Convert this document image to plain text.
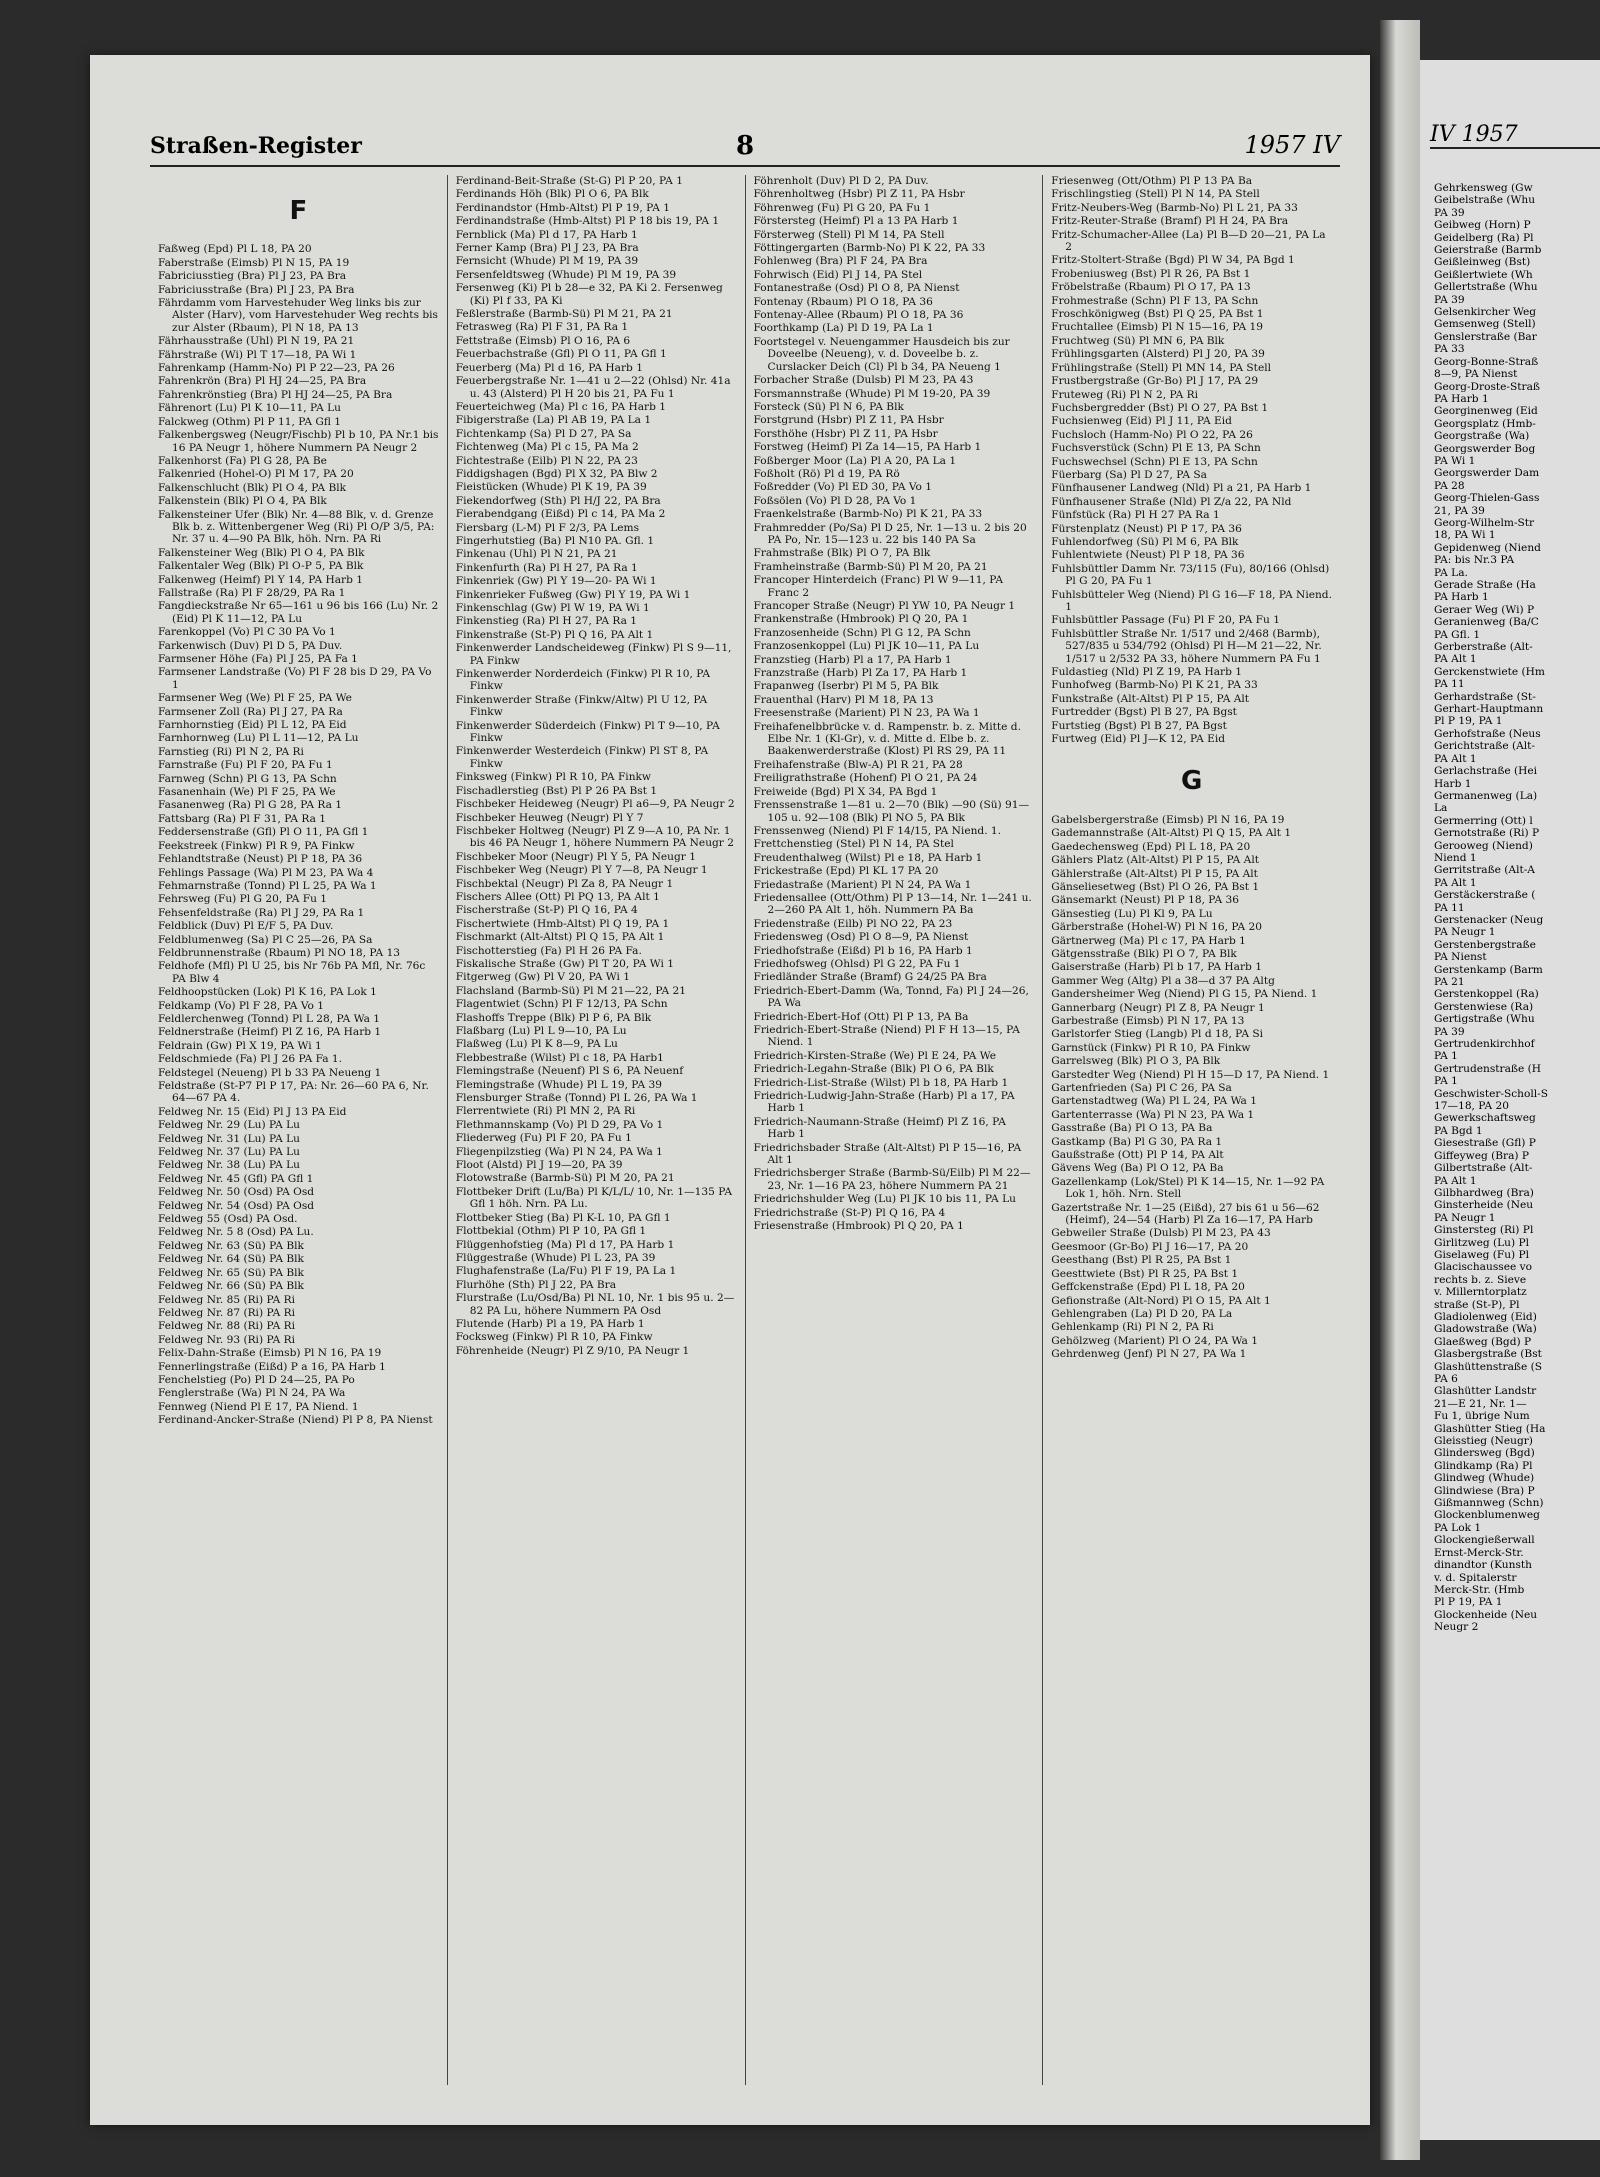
Straßen-Register	8	1957 IV
F
Faßweg (Epd) Pl L 18, PA 20
Faberstraße (Eimsb) Pl N 15, PA 19
Fabriciusstieg (Bra) Pl J 23, PA Bra
Fabriciusstraße (Bra) Pl J 23, PA Bra
Fährdamm vom Harvestehuder Weg links bis zur Alster (Harv), vom Harvestehuder Weg rechts bis zur Alster (Rbaum), Pl N 18, PA 13
Fährhausstraße (Uhl) Pl N 19, PA 21
Fährstraße (Wi) Pl T 17—18, PA Wi 1
Fahrenkamp (Hamm-No) Pl P 22—23, PA 26
Fahrenkrön (Bra) Pl HJ 24—25, PA Bra
Fahrenkrönstieg (Bra) Pl HJ 24—25, PA Bra
Fährenort (Lu) Pl K 10—11, PA Lu
Falckweg (Othm) Pl P 11, PA Gfl 1
Falkenbergsweg (Neugr/Fischb) Pl b 10, PA Nr.1 bis 16 PA Neugr 1, höhere Nummern PA Neugr 2
Falkenhorst (Fa) Pl G 28, PA Be
Falkenried (Hohel-O) Pl M 17, PA 20
Falkenschlucht (Blk) Pl O 4, PA Blk
Falkenstein (Blk) Pl O 4, PA Blk
Falkensteiner Ufer (Blk) Nr. 4—88 Blk, v. d. Grenze Blk b. z. Wittenbergener Weg (Ri) Pl O/P 3/5, PA: Nr. 37 u. 4—90 PA Blk, höh. Nrn. PA Ri
Falkensteiner Weg (Blk) Pl O 4, PA Blk
Falkentaler Weg (Blk) Pl O-P 5, PA Blk
Falkenweg (Heimf) Pl Y 14, PA Harb 1
Fallstraße (Ra) Pl F 28/29, PA Ra 1
Fangdieckstraße Nr 65—161 u 96 bis 166 (Lu) Nr. 2 (Eid) Pl K 11—12, PA Lu
Farenkoppel (Vo) Pl C 30 PA Vo 1
Farkenwisch (Duv) Pl D 5, PA Duv.
Farmsener Höhe (Fa) Pl J 25, PA Fa 1
Farmsener Landstraße (Vo) Pl F 28 bis D 29, PA Vo 1
Farmsener Weg (We) Pl F 25, PA We
Farmsener Zoll (Ra) Pl J 27, PA Ra
Farnhornstieg (Eid) Pl L 12, PA Eid
Farnhornweg (Lu) Pl L 11—12, PA Lu
Farnstieg (Ri) Pl N 2, PA Ri
Farnstraße (Fu) Pl F 20, PA Fu 1
Farnweg (Schn) Pl G 13, PA Schn
Fasanenhain (We) Pl F 25, PA We
Fasanenweg (Ra) Pl G 28, PA Ra 1
Fattsbarg (Ra) Pl F 31, PA Ra 1
Feddersenstraße (Gfl) Pl O 11, PA Gfl 1
Feekstreek (Finkw) Pl R 9, PA Finkw
Fehlandtstraße (Neust) Pl P 18, PA 36
Fehlings Passage (Wa) Pl M 23, PA Wa 4
Fehmarnstraße (Tonnd) Pl L 25, PA Wa 1
Fehrsweg (Fu) Pl G 20, PA Fu 1
Fehsenfeldstraße (Ra) Pl J 29, PA Ra 1
Feldblick (Duv) Pl E/F 5, PA Duv.
Feldblumenweg (Sa) Pl C 25—26, PA Sa
Feldbrunnenstraße (Rbaum) Pl NO 18, PA 13
Feldhofe (Mfl) Pl U 25, bis Nr 76b PA Mfl, Nr. 76c PA Blw 4
Feldhoopstücken (Lok) Pl K 16, PA Lok 1
Feldkamp (Vo) Pl F 28, PA Vo 1
Feldlerchenweg (Tonnd) Pl L 28, PA Wa 1
Feldnerstraße (Heimf) Pl Z 16, PA Harb 1
Feldrain (Gw) Pl X 19, PA Wi 1
Feldschmiede (Fa) Pl J 26 PA Fa 1.
Feldstegel (Neueng) Pl b 33 PA Neueng 1
Feldstraße (St-P7 Pl P 17, PA: Nr. 26—60 PA 6, Nr. 64—67 PA 4.
Feldweg Nr. 15 (Eid) Pl J 13 PA Eid
Feldweg Nr. 29 (Lu) PA Lu
Feldweg Nr. 31 (Lu) PA Lu
Feldweg Nr. 37 (Lu) PA Lu
Feldweg Nr. 38 (Lu) PA Lu
Feldweg Nr. 45 (Gfl) PA Gfl 1
Feldweg Nr. 50 (Osd) PA Osd
Feldweg Nr. 54 (Osd) PA Osd
Feldweg 55 (Osd) PA Osd.
Feldweg Nr. 5 8 (Osd) PA Lu.
Feldweg Nr. 63 (Sü) PA Blk
Feldweg Nr. 64 (Sü) PA Blk
Feldweg Nr. 65 (Sü) PA Blk
Feldweg Nr. 66 (Sü) PA Blk
Feldweg Nr. 85 (Ri) PA Ri
Feldweg Nr. 87 (Ri) PA Ri
Feldweg Nr. 88 (Ri) PA Ri
Feldweg Nr. 93 (Ri) PA Ri
Felix-Dahn-Straße (Eimsb) Pl N 16, PA 19
Fennerlingstraße (Eißd) P a 16, PA Harb 1
Fenchelstieg (Po) Pl D 24—25, PA Po
Fenglerstraße (Wa) Pl N 24, PA Wa
Fennweg (Niend Pl E 17, PA Niend. 1
Ferdinand-Ancker-Straße (Niend) Pl P 8, PA Nienst
Ferdinand-Beit-Straße (St-G) Pl P 20, PA 1
Ferdinands Höh (Blk) Pl O 6, PA Blk
Ferdinandstor (Hmb-Altst) Pl P 19, PA 1
Ferdinandstraße (Hmb-Altst) Pl P 18 bis 19, PA 1
Fernblick (Ma) Pl d 17, PA Harb 1
Ferner Kamp (Bra) Pl J 23, PA Bra
Fernsicht (Whude) Pl M 19, PA 39
Fersenfeldtsweg (Whude) Pl M 19, PA 39
Fersenweg (Ki) Pl b 28—e 32, PA Ki 2. Fersenweg (Ki) Pl f 33, PA Ki
Feßlerstraße (Barmb-Sü) Pl M 21, PA 21
Fetrasweg (Ra) Pl F 31, PA Ra 1
Fettstraße (Eimsb) Pl O 16, PA 6
Feuerbachstraße (Gfl) Pl O 11, PA Gfl 1
Feuerberg (Ma) Pl d 16, PA Harb 1
Feuerbergstraße Nr. 1—41 u 2—22 (Ohlsd) Nr. 41a u. 43 (Alsterd) Pl H 20 bis 21, PA Fu 1
Feuerteichweg (Ma) Pl c 16, PA Harb 1
Fibigerstraße (La) Pl AB 19, PA La 1
Fichtenkamp (Sa) Pl D 27, PA Sa
Fichtenweg (Ma) Pl c 15, PA Ma 2
Fichtestraße (Eilb) Pl N 22, PA 23
Fiddigshagen (Bgd) Pl X 32, PA Blw 2
Fieistücken (Whude) Pl K 19, PA 39
Fiekendorfweg (Sth) Pl H/J 22, PA Bra
Fierabendgang (Eißd) Pl c 14, PA Ma 2
Fiersbarg (L-M) Pl F 2/3, PA Lems
Fingerhutstieg (Ba) Pl N10 PA. Gfl. 1
Finkenau (Uhl) Pl N 21, PA 21
Finkenfurth (Ra) Pl H 27, PA Ra 1
Finkenriek (Gw) Pl Y 19—20- PA Wi 1
Finkenrieker Fußweg (Gw) Pl Y 19, PA Wi 1
Finkenschlag (Gw) Pl W 19, PA Wi 1
Finkenstieg (Ra) Pl H 27, PA Ra 1
Finkenstraße (St-P) Pl Q 16, PA Alt 1
Finkenwerder Landscheideweg (Finkw) Pl S 9—11, PA Finkw
Finkenwerder Norderdeich (Finkw) Pl R 10, PA Finkw
Finkenwerder Straße (Finkw/Altw) Pl U 12, PA Finkw
Finkenwerder Süderdeich (Finkw) Pl T 9—10, PA Finkw
Finkenwerder Westerdeich (Finkw) Pl ST 8, PA Finkw
Finksweg (Finkw) Pl R 10, PA Finkw
Fischadlerstieg (Bst) Pl P 26 PA Bst 1
Fischbeker Heideweg (Neugr) Pl a6—9, PA Neugr 2
Fischbeker Heuweg (Neugr) Pl Y 7
Fischbeker Holtweg (Neugr) Pl Z 9—A 10, PA Nr. 1 bis 46 PA Neugr 1, höhere Nummern PA Neugr 2
Fischbeker Moor (Neugr) Pl Y 5, PA Neugr 1
Fischbeker Weg (Neugr) Pl Y 7—8, PA Neugr 1
Fischbektal (Neugr) Pl Za 8, PA Neugr 1
Fischers Allee (Ott) Pl PQ 13, PA Alt 1
Fischerstraße (St-P) Pl Q 16, PA 4
Fischertwiete (Hmb-Altst) Pl Q 19, PA 1
Fischmarkt (Alt-Altst) Pl Q 15, PA Alt 1
Fischotterstieg (Fa) Pl H 26 PA Fa.
Fiskalische Straße (Gw) Pl T 20, PA Wi 1
Fitgerweg (Gw) Pl V 20, PA Wi 1
Flachsland (Barmb-Sü) Pl M 21—22, PA 21
Flagentwiet (Schn) Pl F 12/13, PA Schn
Flashoffs Treppe (Blk) Pl P 6, PA Blk
Flaßbarg (Lu) Pl L 9—10, PA Lu
Flaßweg (Lu) Pl K 8—9, PA Lu
Flebbestraße (Wilst) Pl c 18, PA Harb1
Flemingstraße (Neuenf) Pl S 6, PA Neuenf
Flemingstraße (Whude) Pl L 19, PA 39
Flensburger Straße (Tonnd) Pl L 26, PA Wa 1
Flerrentwiete (Ri) Pl MN 2, PA Ri
Flethmannskamp (Vo) Pl D 29, PA Vo 1
Fliederweg (Fu) Pl F 20, PA Fu 1
Fliegenpilzstieg (Wa) Pl N 24, PA Wa 1
Floot (Alstd) Pl J 19—20, PA 39
Flotowstraße (Barmb-Sü) Pl M 20, PA 21
Flottbeker Drift (Lu/Ba) Pl K/L/L/ 10, Nr. 1—135 PA Gfl 1 höh. Nrn. PA Lu.
Flottbeker Stieg (Ba) Pl K-L 10, PA Gfl 1
Flottbekial (Othm) Pl P 10, PA Gfl 1
Flüggenhofstieg (Ma) Pl d 17, PA Harb 1
Flüggestraße (Whude) Pl L 23, PA 39
Flughafenstraße (La/Fu) Pl F 19, PA La 1
Flurhöhe (Sth) Pl J 22, PA Bra
Flurstraße (Lu/Osd/Ba) Pl NL 10, Nr. 1 bis 95 u. 2—82 PA Lu, höhere Nummern PA Osd
Flutende (Harb) Pl a 19, PA Harb 1
Focksweg (Finkw) Pl R 10, PA Finkw
Föhrenheide (Neugr) Pl Z 9/10, PA Neugr 1
Föhrenholt (Duv) Pl D 2, PA Duv.
Föhrenholtweg (Hsbr) Pl Z 11, PA Hsbr
Föhrenweg (Fu) Pl G 20, PA Fu 1
Förstersteg (Heimf) Pl a 13 PA Harb 1
Försterweg (Stell) Pl M 14, PA Stell
Föttingergarten (Barmb-No) Pl K 22, PA 33
Fohlenweg (Bra) Pl F 24, PA Bra
Fohrwisch (Eid) Pl J 14, PA Stel
Fontanestraße (Osd) Pl O 8, PA Nienst
Fontenay (Rbaum) Pl O 18, PA 36
Fontenay-Allee (Rbaum) Pl O 18, PA 36
Foorthkamp (La) Pl D 19, PA La 1
Foortstegel v. Neuengammer Hausdeich bis zur Doveelbe (Neueng), v. d. Doveelbe b. z. Curslacker Deich (Cl) Pl b 34, PA Neueng 1
Forbacher Straße (Dulsb) Pl M 23, PA 43
Forsmannstraße (Whude) Pl M 19-20, PA 39
Forsteck (Sü) Pl N 6, PA Blk
Forstgrund (Hsbr) Pl Z 11, PA Hsbr
Forsthöhe (Hsbr) Pl Z 11, PA Hsbr
Forstweg (Heimf) Pl Za 14—15, PA Harb 1
Foßberger Moor (La) Pl A 20, PA La 1
Foßholt (Rö) Pl d 19, PA Rö
Foßredder (Vo) Pl ED 30, PA Vo 1
Foßsölen (Vo) Pl D 28, PA Vo 1
Fraenkelstraße (Barmb-No) Pl K 21, PA 33
Frahmredder (Po/Sa) Pl D 25, Nr. 1—13 u. 2 bis 20 PA Po, Nr. 15—123 u. 22 bis 140 PA Sa
Frahmstraße (Blk) Pl O 7, PA Blk
Framheinstraße (Barmb-Sü) Pl M 20, PA 21
Francoper Hinterdeich (Franc) Pl W 9—11, PA Franc 2
Francoper Straße (Neugr) Pl YW 10, PA Neugr 1
Frankenstraße (Hmbrook) Pl Q 20, PA 1
Franzosenheide (Schn) Pl G 12, PA Schn
Franzosenkoppel (Lu) Pl JK 10—11, PA Lu
Franzstieg (Harb) Pl a 17, PA Harb 1
Franzstraße (Harb) Pl Za 17, PA Harb 1
Frapanweg (Iserbr) Pl M 5, PA Blk
Frauenthal (Harv) Pl M 18, PA 13
Freesenstraße (Marient) Pl N 23, PA Wa 1
Freihafenelbbrücke v. d. Rampenstr. b. z. Mitte d. Elbe Nr. 1 (Kl-Gr), v. d. Mitte d. Elbe b. z. Baakenwerderstraße (Klost) Pl RS 29, PA 11
Freihafenstraße (Blw-A) Pl R 21, PA 28
Freiligrathstraße (Hohenf) Pl O 21, PA 24
Freiweide (Bgd) Pl X 34, PA Bgd 1
Frenssenstraße 1—81 u. 2—70 (Blk) —90 (Sü) 91—105 u. 92—108 (Blk) Pl NO 5, PA Blk
Frenssenweg (Niend) Pl F 14/15, PA Niend. 1.
Frettchenstieg (Stel) Pl N 14, PA Stel
Freudenthalweg (Wilst) Pl e 18, PA Harb 1
Frickestraße (Epd) Pl KL 17 PA 20
Friedastraße (Marient) Pl N 24, PA Wa 1
Friedensallee (Ott/Othm) Pl P 13—14, Nr. 1—241 u. 2—260 PA Alt 1, höh. Nummern PA Ba
Friedenstraße (Eilb) Pl NO 22, PA 23
Friedensweg (Osd) Pl O 8—9, PA Nienst
Friedhofstraße (Eißd) Pl b 16, PA Harb 1
Friedhofsweg (Ohlsd) Pl G 22, PA Fu 1
Friedländer Straße (Bramf) G 24/25 PA Bra
Friedrich-Ebert-Damm (Wa, Tonnd, Fa) Pl J 24—26, PA Wa
Friedrich-Ebert-Hof (Ott) Pl P 13, PA Ba
Friedrich-Ebert-Straße (Niend) Pl F H 13—15, PA Niend. 1
Friedrich-Kirsten-Straße (We) Pl E 24, PA We
Friedrich-Legahn-Straße (Blk) Pl O 6, PA Blk
Friedrich-List-Straße (Wilst) Pl b 18, PA Harb 1
Friedrich-Ludwig-Jahn-Straße (Harb) Pl a 17, PA Harb 1
Friedrich-Naumann-Straße (Heimf) Pl Z 16, PA Harb 1
Friedrichsbader Straße (Alt-Altst) Pl P 15—16, PA Alt 1
Friedrichsberger Straße (Barmb-Sü/Eilb) Pl M 22—23, Nr. 1—16 PA 23, höhere Nummern PA 21
Friedrichshulder Weg (Lu) Pl JK 10 bis 11, PA Lu
Friedrichstraße (St-P) Pl Q 16, PA 4
Friesenstraße (Hmbrook) Pl Q 20, PA 1
Friesenweg (Ott/Othm) Pl P 13 PA Ba
Frischlingstieg (Stell) Pl N 14, PA Stell
Fritz-Neubers-Weg (Barmb-No) Pl L 21, PA 33
Fritz-Reuter-Straße (Bramf) Pl H 24, PA Bra
Fritz-Schumacher-Allee (La) Pl B—D 20—21, PA La 2
Fritz-Stoltert-Straße (Bgd) Pl W 34, PA Bgd 1
Frobeniusweg (Bst) Pl R 26, PA Bst 1
Fröbelstraße (Rbaum) Pl O 17, PA 13
Frohmestraße (Schn) Pl F 13, PA Schn
Froschkönigweg (Bst) Pl Q 25, PA Bst 1
Fruchtallee (Eimsb) Pl N 15—16, PA 19
Fruchtweg (Sü) Pl MN 6, PA Blk
Frühlingsgarten (Alsterd) Pl J 20, PA 39
Frühlingstraße (Stell) Pl MN 14, PA Stell
Frustbergstraße (Gr-Bo) Pl J 17, PA 29
Fruteweg (Ri) Pl N 2, PA Ri
Fuchsbergredder (Bst) Pl O 27, PA Bst 1
Fuchsienweg (Eid) Pl J 11, PA Eid
Fuchsloch (Hamm-No) Pl O 22, PA 26
Fuchsverstück (Schn) Pl E 13, PA Schn
Fuchswechsel (Schn) Pl E 13, PA Schn
Füerbarg (Sa) Pl D 27, PA Sa
Fünfhausener Landweg (Nld) Pl a 21, PA Harb 1
Fünfhausener Straße (Nld) Pl Z/a 22, PA Nld
Fünfstück (Ra) Pl H 27 PA Ra 1
Fürstenplatz (Neust) Pl P 17, PA 36
Fuhlendorfweg (Sü) Pl M 6, PA Blk
Fuhlentwiete (Neust) Pl P 18, PA 36
Fuhlsbüttler Damm Nr. 73/115 (Fu), 80/166 (Ohlsd) Pl G 20, PA Fu 1
Fuhlsbütteler Weg (Niend) Pl G 16—F 18, PA Niend. 1
Fuhlsbüttler Passage (Fu) Pl F 20, PA Fu 1
Fuhlsbüttler Straße Nr. 1/517 und 2/468 (Barmb), 527/835 u 534/792 (Ohlsd) Pl H—M 21—22, Nr. 1/517 u 2/532 PA 33, höhere Nummern PA Fu 1
Fuldastieg (Nld) Pl Z 19, PA Harb 1
Funhofweg (Barmb-No) Pl K 21, PA 33
Funkstraße (Alt-Altst) Pl P 15, PA Alt
Furtredder (Bgst) Pl B 27, PA Bgst
Furtstieg (Bgst) Pl B 27, PA Bgst
Furtweg (Eid) Pl J—K 12, PA Eid
G
Gabelsbergerstraße (Eimsb) Pl N 16, PA 19
Gademannstraße (Alt-Altst) Pl Q 15, PA Alt 1
Gaedechensweg (Epd) Pl L 18, PA 20
Gählers Platz (Alt-Altst) Pl P 15, PA Alt
Gählerstraße (Alt-Altst) Pl P 15, PA Alt
Gänseliesetweg (Bst) Pl O 26, PA Bst 1
Gänsemarkt (Neust) Pl P 18, PA 36
Gänsestieg (Lu) Pl Kl 9, PA Lu
Gärberstraße (Hohel-W) Pl N 16, PA 20
Gärtnerweg (Ma) Pl c 17, PA Harb 1
Gätgensstraße (Blk) Pl O 7, PA Blk
Gaiserstraße (Harb) Pl b 17, PA Harb 1
Gammer Weg (Altg) Pl a 38—d 37 PA Altg
Gandersheimer Weg (Niend) Pl G 15, PA Niend. 1
Gannerbarg (Neugr) Pl Z 8, PA Neugr 1
Garbestraße (Eimsb) Pl N 17, PA 13
Garlstorfer Stieg (Langb) Pl d 18, PA Si
Garnstück (Finkw) Pl R 10, PA Finkw
Garrelsweg (Blk) Pl O 3, PA Blk
Garstedter Weg (Niend) Pl H 15—D 17, PA Niend. 1
Gartenfrieden (Sa) Pl C 26, PA Sa
Gartenstadtweg (Wa) Pl L 24, PA Wa 1
Gartenterrasse (Wa) Pl N 23, PA Wa 1
Gasstraße (Ba) Pl O 13, PA Ba
Gastkamp (Ba) Pl G 30, PA Ra 1
Gaußstraße (Ott) Pl P 14, PA Alt
Gävens Weg (Ba) Pl O 12, PA Ba
Gazellenkamp (Lok/Stel) Pl K 14—15, Nr. 1—92 PA Lok 1, höh. Nrn. Stell
Gazertstraße Nr. 1—25 (Eißd), 27 bis 61 u 56—62 (Heimf), 24—54 (Harb) Pl Za 16—17, PA Harb
Gebweiler Straße (Dulsb) Pl M 23, PA 43
Geesmoor (Gr-Bo) Pl J 16—17, PA 20
Geesthang (Bst) Pl R 25, PA Bst 1
Geesttwiete (Bst) Pl R 25, PA Bst 1
Geffckenstraße (Epd) Pl L 18, PA 20
Gefionstraße (Alt-Nord) Pl O 15, PA Alt 1
Gehlengraben (La) Pl D 20, PA La
Gehlenkamp (Ri) Pl N 2, PA Ri
Gehölzweg (Marient) Pl O 24, PA Wa 1
Gehrdenweg (Jenf) Pl N 27, PA Wa 1
IV 1957
Gehrkensweg (Gw
Geibelstraße (Whu
PA 39
Geibweg (Horn) P
Geidelberg (Ra) Pl
Geierstraße (Barmb
Geißleinweg (Bst)
Geißlertwiete (Wh
Gellertstraße (Whu
PA 39
Gelsenkircher Weg
Gemsenweg (Stell)
Genslerstraße (Bar
PA 33
Georg-Bonne-Straß
8—9, PA Nienst
Georg-Droste-Straß
PA Harb 1
Georginenweg (Eid
Georgsplatz (Hmb-
Georgstraße (Wa)
Georgswerder Bog
PA Wi 1
Georgswerder Dam
PA 28
Georg-Thielen-Gass
21, PA 39
Georg-Wilhelm-Str
18, PA Wi 1
Gepidenweg (Niend
PA: bis Nr.3 PA
PA La.
Gerade Straße (Ha
PA Harb 1
Geraer Weg (Wi) P
Geranienweg (Ba/C
PA Gfl. 1
Gerberstraße (Alt-
PA Alt 1
Gerckenstwiete (Hm
PA 11
Gerhardstraße (St-
Gerhart-Hauptmann
Pl P 19, PA 1
Gerhofstraße (Neus
Gerichtstraße (Alt-
PA Alt 1
Gerlachstraße (Hei
Harb 1
Germanenweg (La)
La
Germerring (Ott) l
Gernotstraße (Ri) P
Gerooweg (Niend)
Niend 1
Gerritstraße (Alt-A
PA Alt 1
Gerstäckerstraße (
PA 11
Gerstenacker (Neug
PA Neugr 1
Gerstenbergstraße
PA Nienst
Gerstenkamp (Barm
PA 21
Gerstenkoppel (Ra)
Gerstenwiese (Ra)
Gertigstraße (Whu
PA 39
Gertrudenkirchhof
PA 1
Gertrudenstraße (H
PA 1
Geschwister-Scholl-S
17—18, PA 20
Gewerkschaftsweg
PA Bgd 1
Giesestraße (Gfl) P
Giffeyweg (Bra) P
Gilbertstraße (Alt-
PA Alt 1
Gilbhardweg (Bra)
Ginsterheide (Neu
PA Neugr 1
Ginstersteg (Ri) Pl
Girlitzweg (Lu) Pl
Giselaweg (Fu) Pl
Glacischaussee vo
rechts b. z. Sieve
v. Millerntorplatz
straße (St-P), Pl
Gladiolenweg (Eid)
Gladowstraße (Wa)
Glaeßweg (Bgd) P
Glasbergstraße (Bst
Glashüttenstraße (S
PA 6
Glashütter Landstr
21—E 21, Nr. 1—
Fu 1, übrige Num
Glashütter Stieg (Ha
Gleisstieg (Neugr)
Glindersweg (Bgd)
Glindkamp (Ra) Pl
Glindweg (Whude)
Glindwiese (Bra) P
Gißmannweg (Schn)
Glockenblumenweg
PA Lok 1
Glockengießerwall
Ernst-Merck-Str.
dinandtor (Kunsth
v. d. Spitalerstr
Merck-Str. (Hmb
Pl P 19, PA 1
Glockenheide (Neu
Neugr 2
